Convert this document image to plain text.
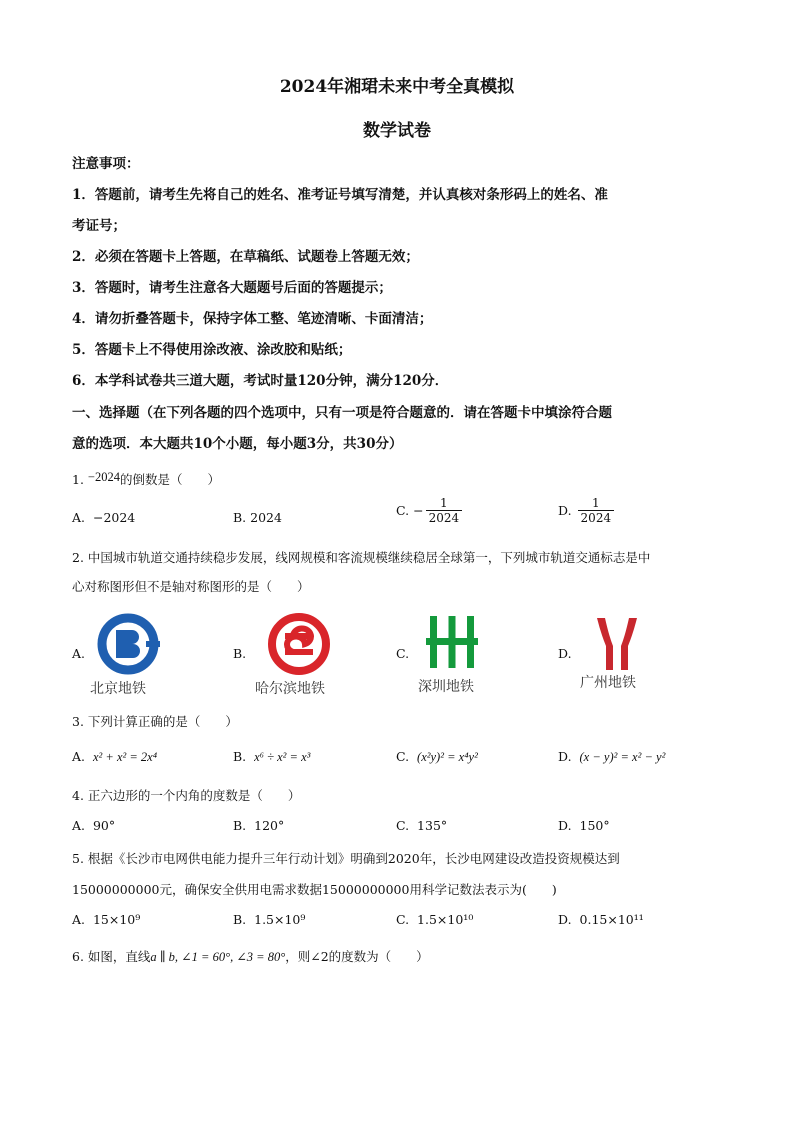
2024年湘珺未来中考全真模拟
数学试卷
注意事项：
1．答题前，请考生先将自己的姓名、准考证号填写清楚，并认真核对条形码上的姓名、准
考证号；
2．必须在答题卡上答题，在草稿纸、试题卷上答题无效；
3．答题时，请考生注意各大题题号后面的答题提示；
4．请勿折叠答题卡，保持字体工整、笔迹清晰、卡面清洁；
5．答题卡上不得使用涂改液、涂改胶和贴纸；
6．本学科试卷共三道大题，考试时量120分钟，满分120分．
一、选择题（在下列各题的四个选项中，只有一项是符合题意的．请在答题卡中填涂符合题
意的选项．本大题共10个小题，每小题3分，共30分）
1. −2024的倒数是（　　）
A. −2024	B. 2024	C. − $\frac{1}{2024}$	D. $\frac{1}{2024}$
2. 中国城市轨道交通持续稳步发展，线网规模和客流规模继续稳居全球第一，下列城市轨道交通标志是中
心对称图形但不是轴对称图形的是（　　）
A.
北京地铁
B.
哈尔滨地铁
C.
深圳地铁
D.
广州地铁
3. 下列计算正确的是（　　）
A. x² + x² = 2x⁴	B. x⁶ ÷ x² = x³	C. (x²y)² = x⁴y²	D. (x − y)² = x² − y²
4. 正六边形的一个内角的度数是（　　）
A. 90°	B. 120°	C. 135°	D. 150°
5. 根据《长沙市电网供电能力提升三年行动计划》明确到2020年，长沙电网建设改造投资规模达到
15000000000元，确保安全供用电需求数据15000000000用科学记数法表示为(　　)
A. 15×10⁹	B. 1.5×10⁹	C. 1.5×10¹⁰	D. 0.15×10¹¹
6. 如图，直线a ∥ b, ∠1 = 60°, ∠3 = 80°，则∠2的度数为（　　）
